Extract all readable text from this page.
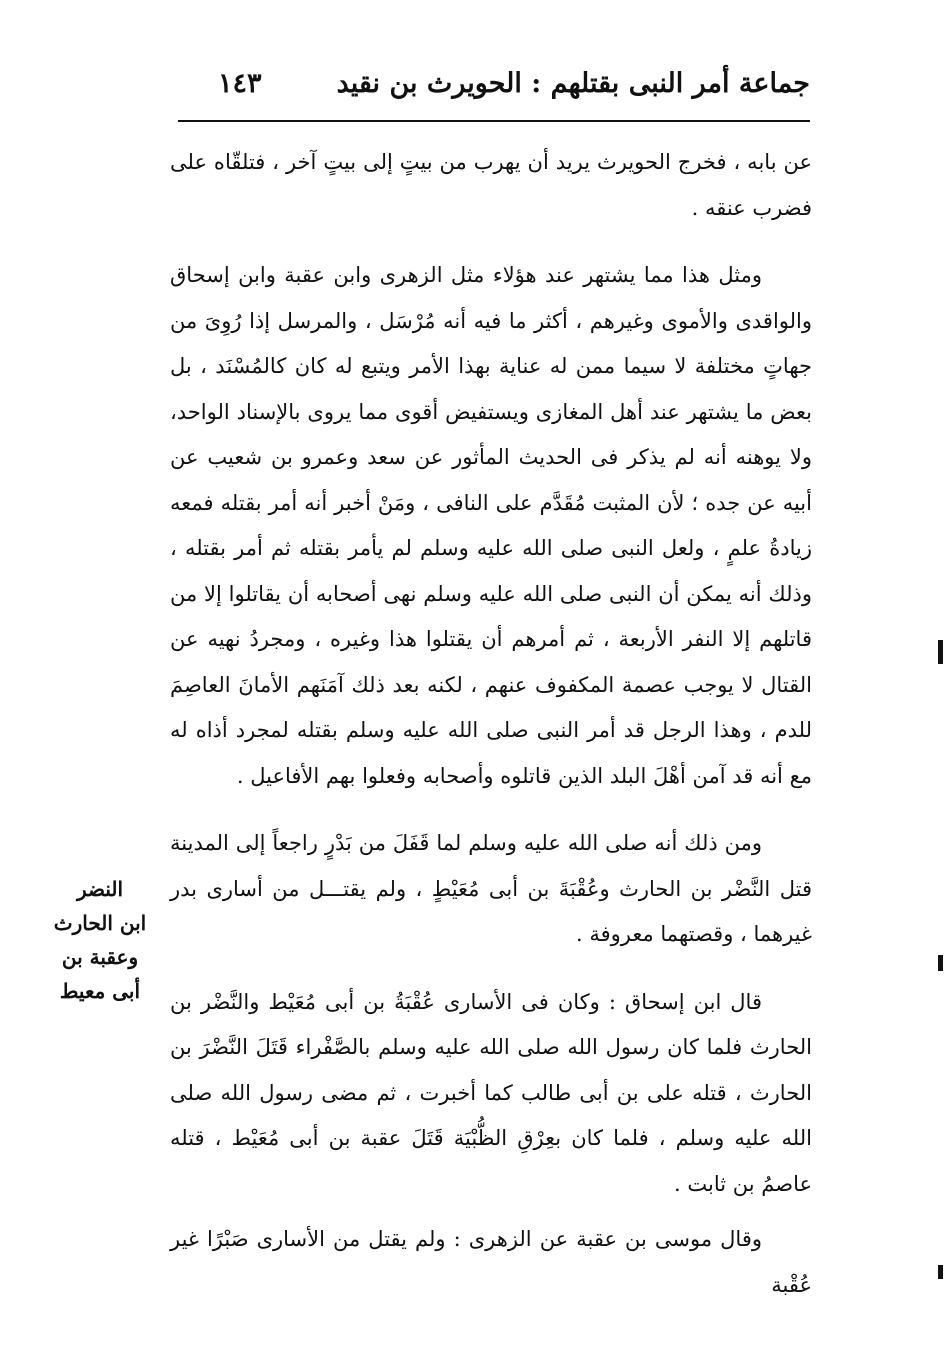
جماعة أمر النبى بقتلهم : الحويرث بن نقيد
١٤٣

عن بابه ، فخرج الحويرث يريد أن يهرب من بيتٍ إلى بيتٍ آخر ، فتلقّاه على فضرب عنقه .

ومثل هذا مما يشتهر عند هؤلاء مثل الزهرى وابن عقبة وابن إسحاق والواقدى والأموى وغيرهم ، أكثر ما فيه أنه مُرْسَل ، والمرسل إذا رُوِىَ من جهاتٍ مختلفة لا سيما ممن له عناية بهذا الأمر ويتبع له كان كالمُسْنَد ، بل بعض ما يشتهر عند أهل المغازى ويستفيض أقوى مما يروى بالإسناد الواحد، ولا يوهنه أنه لم يذكر فى الحديث المأثور عن سعد وعمرو بن شعيب عن أبيه عن جده ؛ لأن المثبت مُقَدَّم على النافى ، ومَنْ أخبر أنه أمر بقتله فمعه زيادةُ علمٍ ، ولعل النبى صلى الله عليه وسلم لم يأمر بقتله ثم أمر بقتله ، وذلك أنه يمكن أن النبى صلى الله عليه وسلم نهى أصحابه أن يقاتلوا إلا من قاتلهم إلا النفر الأربعة ، ثم أمرهم أن يقتلوا هذا وغيره ، ومجردُ نهيه عن القتال لا يوجب عصمة المكفوف عنهم ، لكنه بعد ذلك آمَنَهم الأمانَ العاصِمَ للدم ، وهذا الرجل قد أمر النبى صلى الله عليه وسلم بقتله لمجرد أذاه له مع أنه قد آمن أهْلَ البلد الذين قاتلوه وأصحابه وفعلوا بهم الأفاعيل .

ومن ذلك أنه صلى الله عليه وسلم لما قَفَلَ من بَدْرٍ راجعاً إلى المدينة قتل النَّضْر بن الحارث وعُقْبَةَ بن أبى مُعَيْطٍ ، ولم يقتـــل من أسارى بدر غيرهما ، وقصتهما معروفة .

قال ابن إسحاق : وكان فى الأسارى عُقْبَةُ بن أبى مُعَيْط والنَّضْر بن الحارث فلما كان رسول الله صلى الله عليه وسلم بالصَّفْراء قَتَلَ النَّضْرَ بن الحارث ، قتله على بن أبى طالب كما أخبرت ، ثم مضى رسول الله صلى الله عليه وسلم ، فلما كان بعِرْقِ الظُّبْيَة قَتَلَ عقبة بن أبى مُعَيْط ، قتله عاصمُ بن ثابت .

وقال موسى بن عقبة عن الزهرى : ولم يقتل من الأسارى صَبْرًا غير عُقْبة

النضر
ابن الحارث
وعقبة بن
أبى معيط
